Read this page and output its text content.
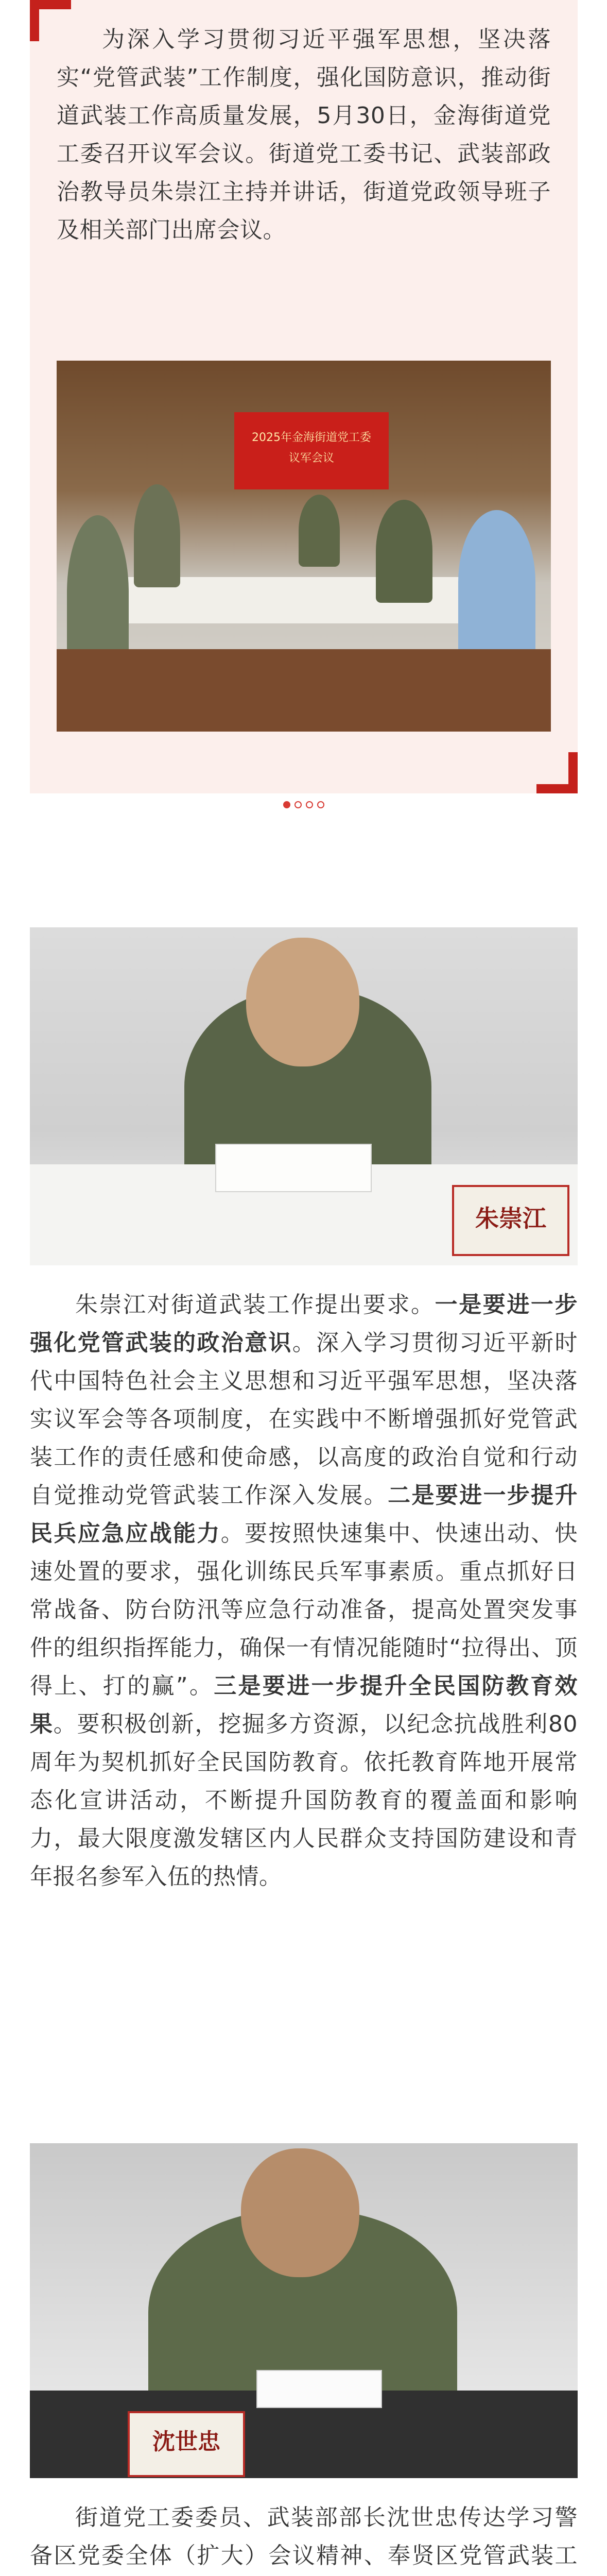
为深入学习贯彻习近平强军思想，坚决落实“党管武装”工作制度，强化国防意识，推动街道武装工作高质量发展，5月30日，金海街道党工委召开议军会议。街道党工委书记、武装部政治教导员朱崇江主持并讲话，街道党政领导班子及相关部门出席会议。

2025年金海街道党工委
议军会议
朱崇江

朱崇江对街道武装工作提出要求。一是要进一步强化党管武装的政治意识。深入学习贯彻习近平新时代中国特色社会主义思想和习近平强军思想，坚决落实议军会等各项制度，在实践中不断增强抓好党管武装工作的责任感和使命感，以高度的政治自觉和行动自觉推动党管武装工作深入发展。二是要进一步提升民兵应急应战能力。要按照快速集中、快速出动、快速处置的要求，强化训练民兵军事素质。重点抓好日常战备、防台防汛等应急行动准备，提高处置突发事件的组织指挥能力，确保一有情况能随时“拉得出、顶得上、打的赢”。三是要进一步提升全民国防教育效果。要积极创新，挖掘多方资源，以纪念抗战胜利80周年为契机抓好全民国防教育。依托教育阵地开展常态化宣讲活动，不断提升国防教育的覆盖面和影响力，最大限度激发辖区内人民群众支持国防建设和青年报名参军入伍的热情。

沈世忠

街道党工委委员、武装部部长沈世忠传达学习警备区党委全体（扩大）会议精神、奉贤区党管武装工
